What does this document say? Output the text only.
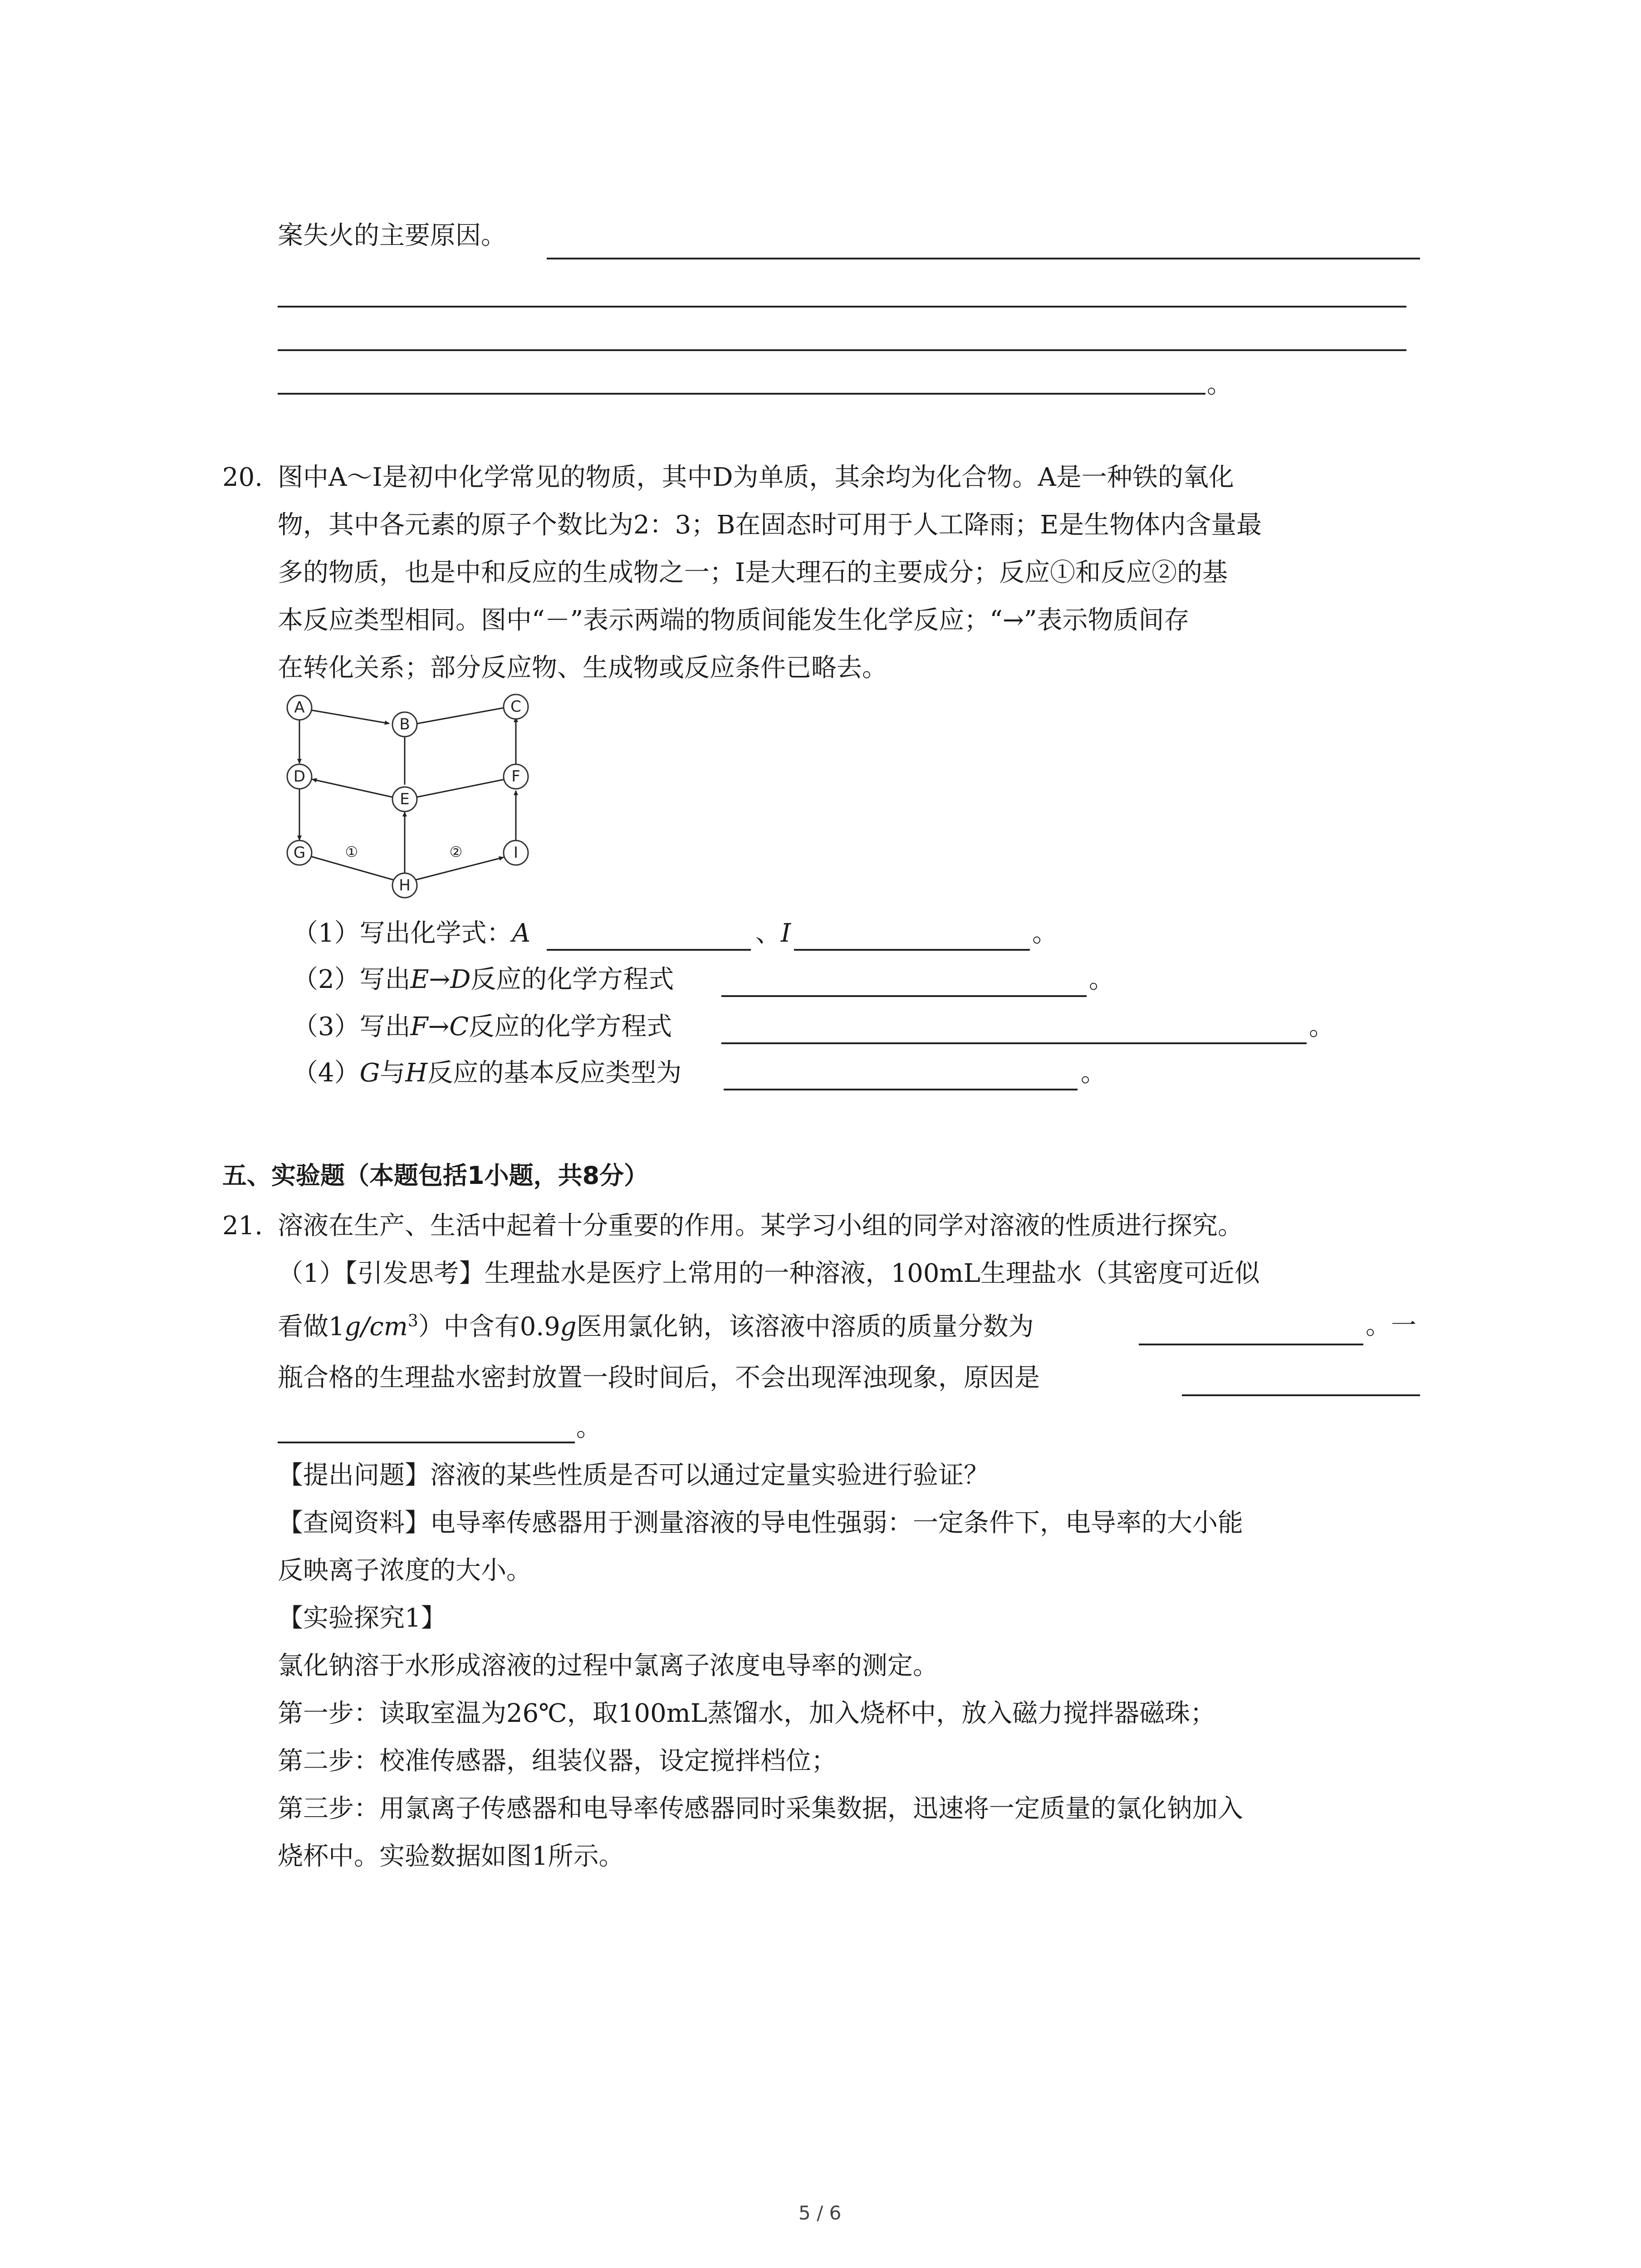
案失火的主要原因。
。
20. 图中A～I是初中化学常见的物质，其中D为单质，其余均为化合物。A是一种铁的氧化
物，其中各元素的原子个数比为2：3；B在固态时可用于人工降雨；E是生物体内含量最
多的物质，也是中和反应的生成物之一；I是大理石的主要成分；反应①和反应②的基
本反应类型相同。图中“－”表示两端的物质间能发生化学反应；“→”表示物质间存
在转化关系；部分反应物、生成物或反应条件已略去。
A
B
C
D
E
F
G
H
I
①	②
（1）写出化学式：A	、I	。
（2）写出E→D反应的化学方程式	。
（3）写出F→C反应的化学方程式	。
（4）G与H反应的基本反应类型为	。
五、实验题（本题包括1小题，共8分）
21. 溶液在生产、生活中起着十分重要的作用。某学习小组的同学对溶液的性质进行探究。
（1）【引发思考】生理盐水是医疗上常用的一种溶液，100mL生理盐水（其密度可近似
看做$1g/cm^3$）中含有0.9g医用氯化钠，该溶液中溶质的质量分数为	。一
瓶合格的生理盐水密封放置一段时间后，不会出现浑浊现象，原因是
。
【提出问题】溶液的某些性质是否可以通过定量实验进行验证？
【查阅资料】电导率传感器用于测量溶液的导电性强弱：一定条件下，电导率的大小能
反映离子浓度的大小。
【实验探究1】
氯化钠溶于水形成溶液的过程中氯离子浓度电导率的测定。
第一步：读取室温为26℃，取100mL蒸馏水，加入烧杯中，放入磁力搅拌器磁珠；
第二步：校准传感器，组装仪器，设定搅拌档位；
第三步：用氯离子传感器和电导率传感器同时采集数据，迅速将一定质量的氯化钠加入
烧杯中。实验数据如图1所示。
5 / 6
